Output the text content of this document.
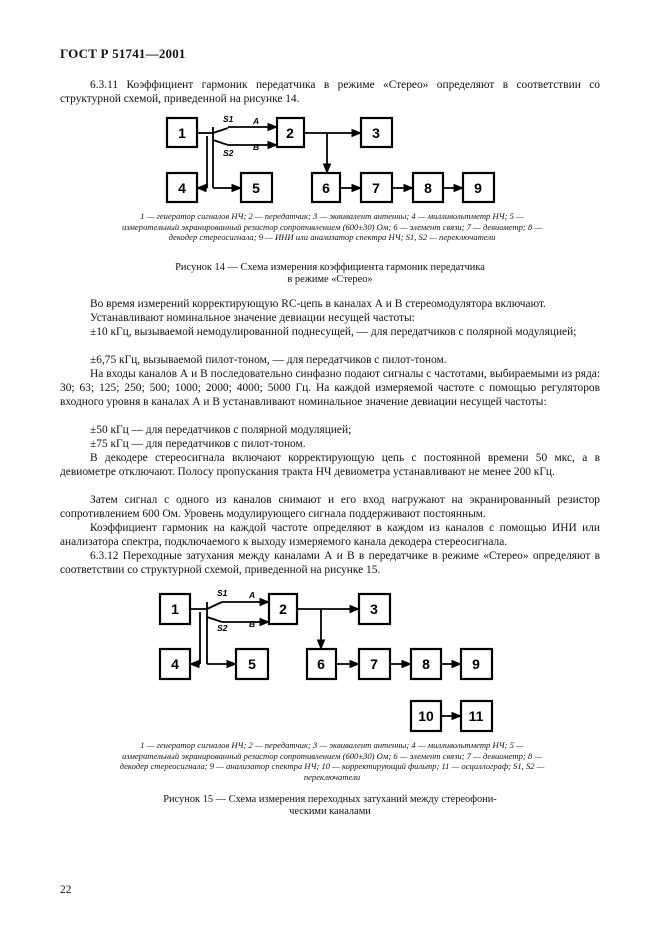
ГОСТ Р 51741—2001
6.3.11 Коэффициент гармоник передатчика в режиме «Стерео» определяют в соответствии со структурной схемой, приведенной на рисунке 14.
S1
S2
A
B
1	2	3
4	5	6	7	8	9
1 — генератор сигналов НЧ; 2 — передатчик; 3 — эквивалент антенны; 4 — милливольтметр НЧ; 5 — измерительный экранированный резистор сопротивлением (600±30) Ом; 6 — элемент связи; 7 — девиометр; 8 — декодер стереосигнала; 9 — ИНИ или анализатор спектра НЧ; S1, S2 — переключатели
Рисунок 14 — Схема измерения коэффициента гармоник передатчика
в режиме «Стерео»
Во время измерений корректирующую RC-цепь в каналах А и В стереомодулятора включают.
Устанавливают номинальное значение девиации несущей частоты:
±10 кГц, вызываемой немодулированной поднесущей, — для передатчиков с полярной модуляцией;
±6,75 кГц, вызываемой пилот-тоном, — для передатчиков с пилот-тоном.
На входы каналов А и В последовательно синфазно подают сигналы с частотами, выбираемыми из ряда: 30; 63; 125; 250; 500; 1000; 2000; 4000; 5000 Гц. На каждой измеряемой частоте с помощью регуляторов входного уровня в каналах А и В устанавливают номинальное значение девиации несущей частоты:
±50 кГц — для передатчиков с полярной модуляцией;
±75 кГц — для передатчиков с пилот-тоном.
В декодере стереосигнала включают корректирующую цепь с постоянной времени 50 мкс, а в девиометре отключают. Полосу пропускания тракта НЧ девиометра устанавливают не менее 200 кГц.
Затем сигнал с одного из каналов снимают и его вход нагружают на экранированный резистор сопротивлением 600 Ом. Уровень модулирующего сигнала поддерживают постоянным.
Коэффициент гармоник на каждой частоте определяют в каждом из каналов с помощью ИНИ или анализатора спектра, подключаемого к выходу измеряемого канала декодера стереосигнала.
6.3.12 Переходные затухания между каналами А и В в передатчике в режиме «Стерео» определяют в соответствии со структурной схемой, приведенной на рисунке 15.
S1
S2
A
B
1	2	3
4	5	6	7	8	9
10 11
1 — генератор сигналов НЧ; 2 — передатчик; 3 — эквивалент антенны; 4 — милливольтметр НЧ; 5 — измерительный экранированный резистор сопротивлением (600±30) Ом; 6 — элемент связи; 7 — девиометр; 8 — декодер стереосигнала; 9 — анализатор спектра НЧ; 10 — корректирующий фильтр; 11 — осциллограф; S1, S2 — переключатели
Рисунок 15 — Схема измерения переходных затуханий между стереофони-
ческими каналами
22
